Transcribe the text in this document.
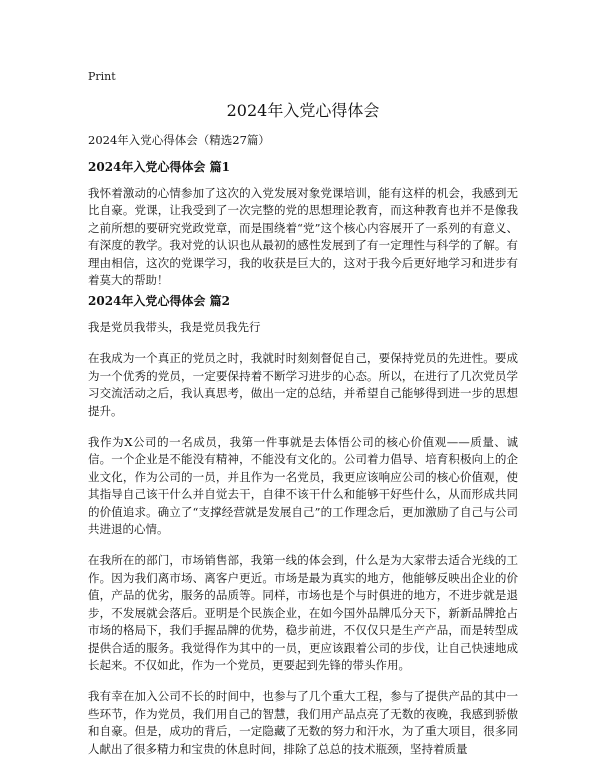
Print
2024年入党心得体会

2024年入党心得体会（精选27篇）

2024年入党心得体会 篇1

我怀着激动的心情参加了这次的入党发展对象党课培训，能有这样的机会，我感到无比自豪。党课，让我受到了一次完整的党的思想理论教育，而这种教育也并不是像我之前所想的要研究党政党章，而是围绕着“党”这个核心内容展开了一系列的有意义、有深度的教学。我对党的认识也从最初的感性发展到了有一定理性与科学的了解。有理由相信，这次的党课学习，我的收获是巨大的，这对于我今后更好地学习和进步有着莫大的帮助！

2024年入党心得体会 篇2

我是党员我带头，我是党员我先行

在我成为一个真正的党员之时，我就时时刻刻督促自己，要保持党员的先进性。要成为一个优秀的党员，一定要保持着不断学习进步的心态。所以，在进行了几次党员学习交流活动之后，我认真思考，做出一定的总结，并希望自己能够得到进一步的思想提升。

我作为X公司的一名成员，我第一件事就是去体悟公司的核心价值观——质量、诚信。一个企业是不能没有精神，不能没有文化的。公司着力倡导、培育积极向上的企业文化，作为公司的一员，并且作为一名党员，我更应该响应公司的核心价值观，使其指导自己该干什么并自觉去干，自律不该干什么和能够干好些什么，从而形成共同的价值追求。确立了“支撑经营就是发展自己”的工作理念后，更加激励了自己与公司共进退的心情。

在我所在的部门，市场销售部，我第一线的体会到，什么是为大家带去适合光线的工作。因为我们离市场、离客户更近。市场是最为真实的地方，他能够反映出企业的价值，产品的优劣，服务的品质等。同样，市场也是个与时俱进的地方，不进步就是退步，不发展就会落后。亚明是个民族企业，在如今国外品牌瓜分天下，新新品牌抢占市场的格局下，我们手握品牌的优势，稳步前进，不仅仅只是生产产品，而是转型成提供合适的服务。我觉得作为其中的一员，更应该跟着公司的步伐，让自己快速地成长起来。不仅如此，作为一个党员，更要起到先锋的带头作用。

我有幸在加入公司不长的时间中，也参与了几个重大工程，参与了提供产品的其中一些环节，作为党员，我们用自己的智慧，我们用产品点亮了无数的夜晚，我感到骄傲和自豪。但是，成功的背后，一定隐藏了无数的努力和汗水，为了重大项目，很多同人献出了很多精力和宝贵的休息时间，排除了总总的技术瓶颈，坚持着质量
